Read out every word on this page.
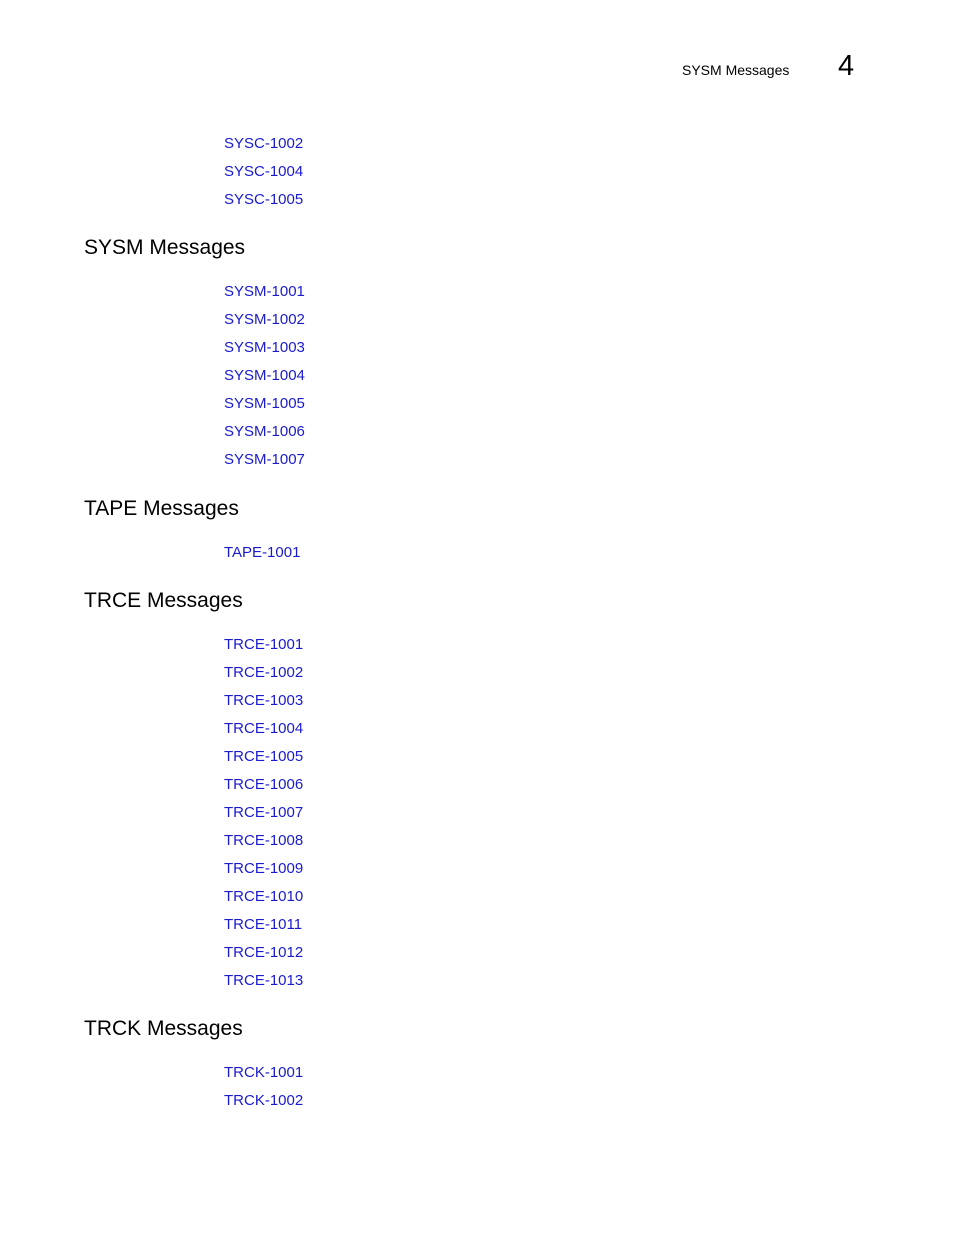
SYSM Messages 4
SYSC-1002
SYSC-1004
SYSC-1005
SYSM Messages
SYSM-1001
SYSM-1002
SYSM-1003
SYSM-1004
SYSM-1005
SYSM-1006
SYSM-1007
TAPE Messages
TAPE-1001
TRCE Messages
TRCE-1001
TRCE-1002
TRCE-1003
TRCE-1004
TRCE-1005
TRCE-1006
TRCE-1007
TRCE-1008
TRCE-1009
TRCE-1010
TRCE-1011
TRCE-1012
TRCE-1013
TRCK Messages
TRCK-1001
TRCK-1002
